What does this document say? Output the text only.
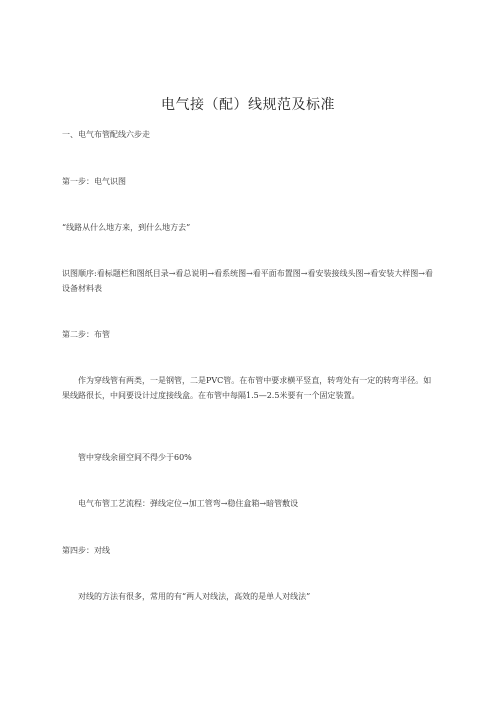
电气接（配）线规范及标准
一、电气布管配线六步走
第一步：电气识图
“线路从什么地方来，到什么地方去”
识图顺序:看标题栏和图纸目录→看总说明→看系统图→看平面布置图→看安装接线头图→看安装大样图→看设备材料表
第二步：布管
作为穿线管有两类，一是钢管，二是PVC管。在布管中要求横平竖直，转弯处有一定的转弯半径。如果线路很长，中间要设计过度接线盒。在布管中每隔1.5—2.5米要有一个固定装置。
管中穿线余留空间不得少于60%
电气布管工艺流程：弹线定位→加工管弯→稳住盒箱→暗管敷设
第四步：对线
对线的方法有很多，常用的有“两人对线法，高效的是单人对线法”
